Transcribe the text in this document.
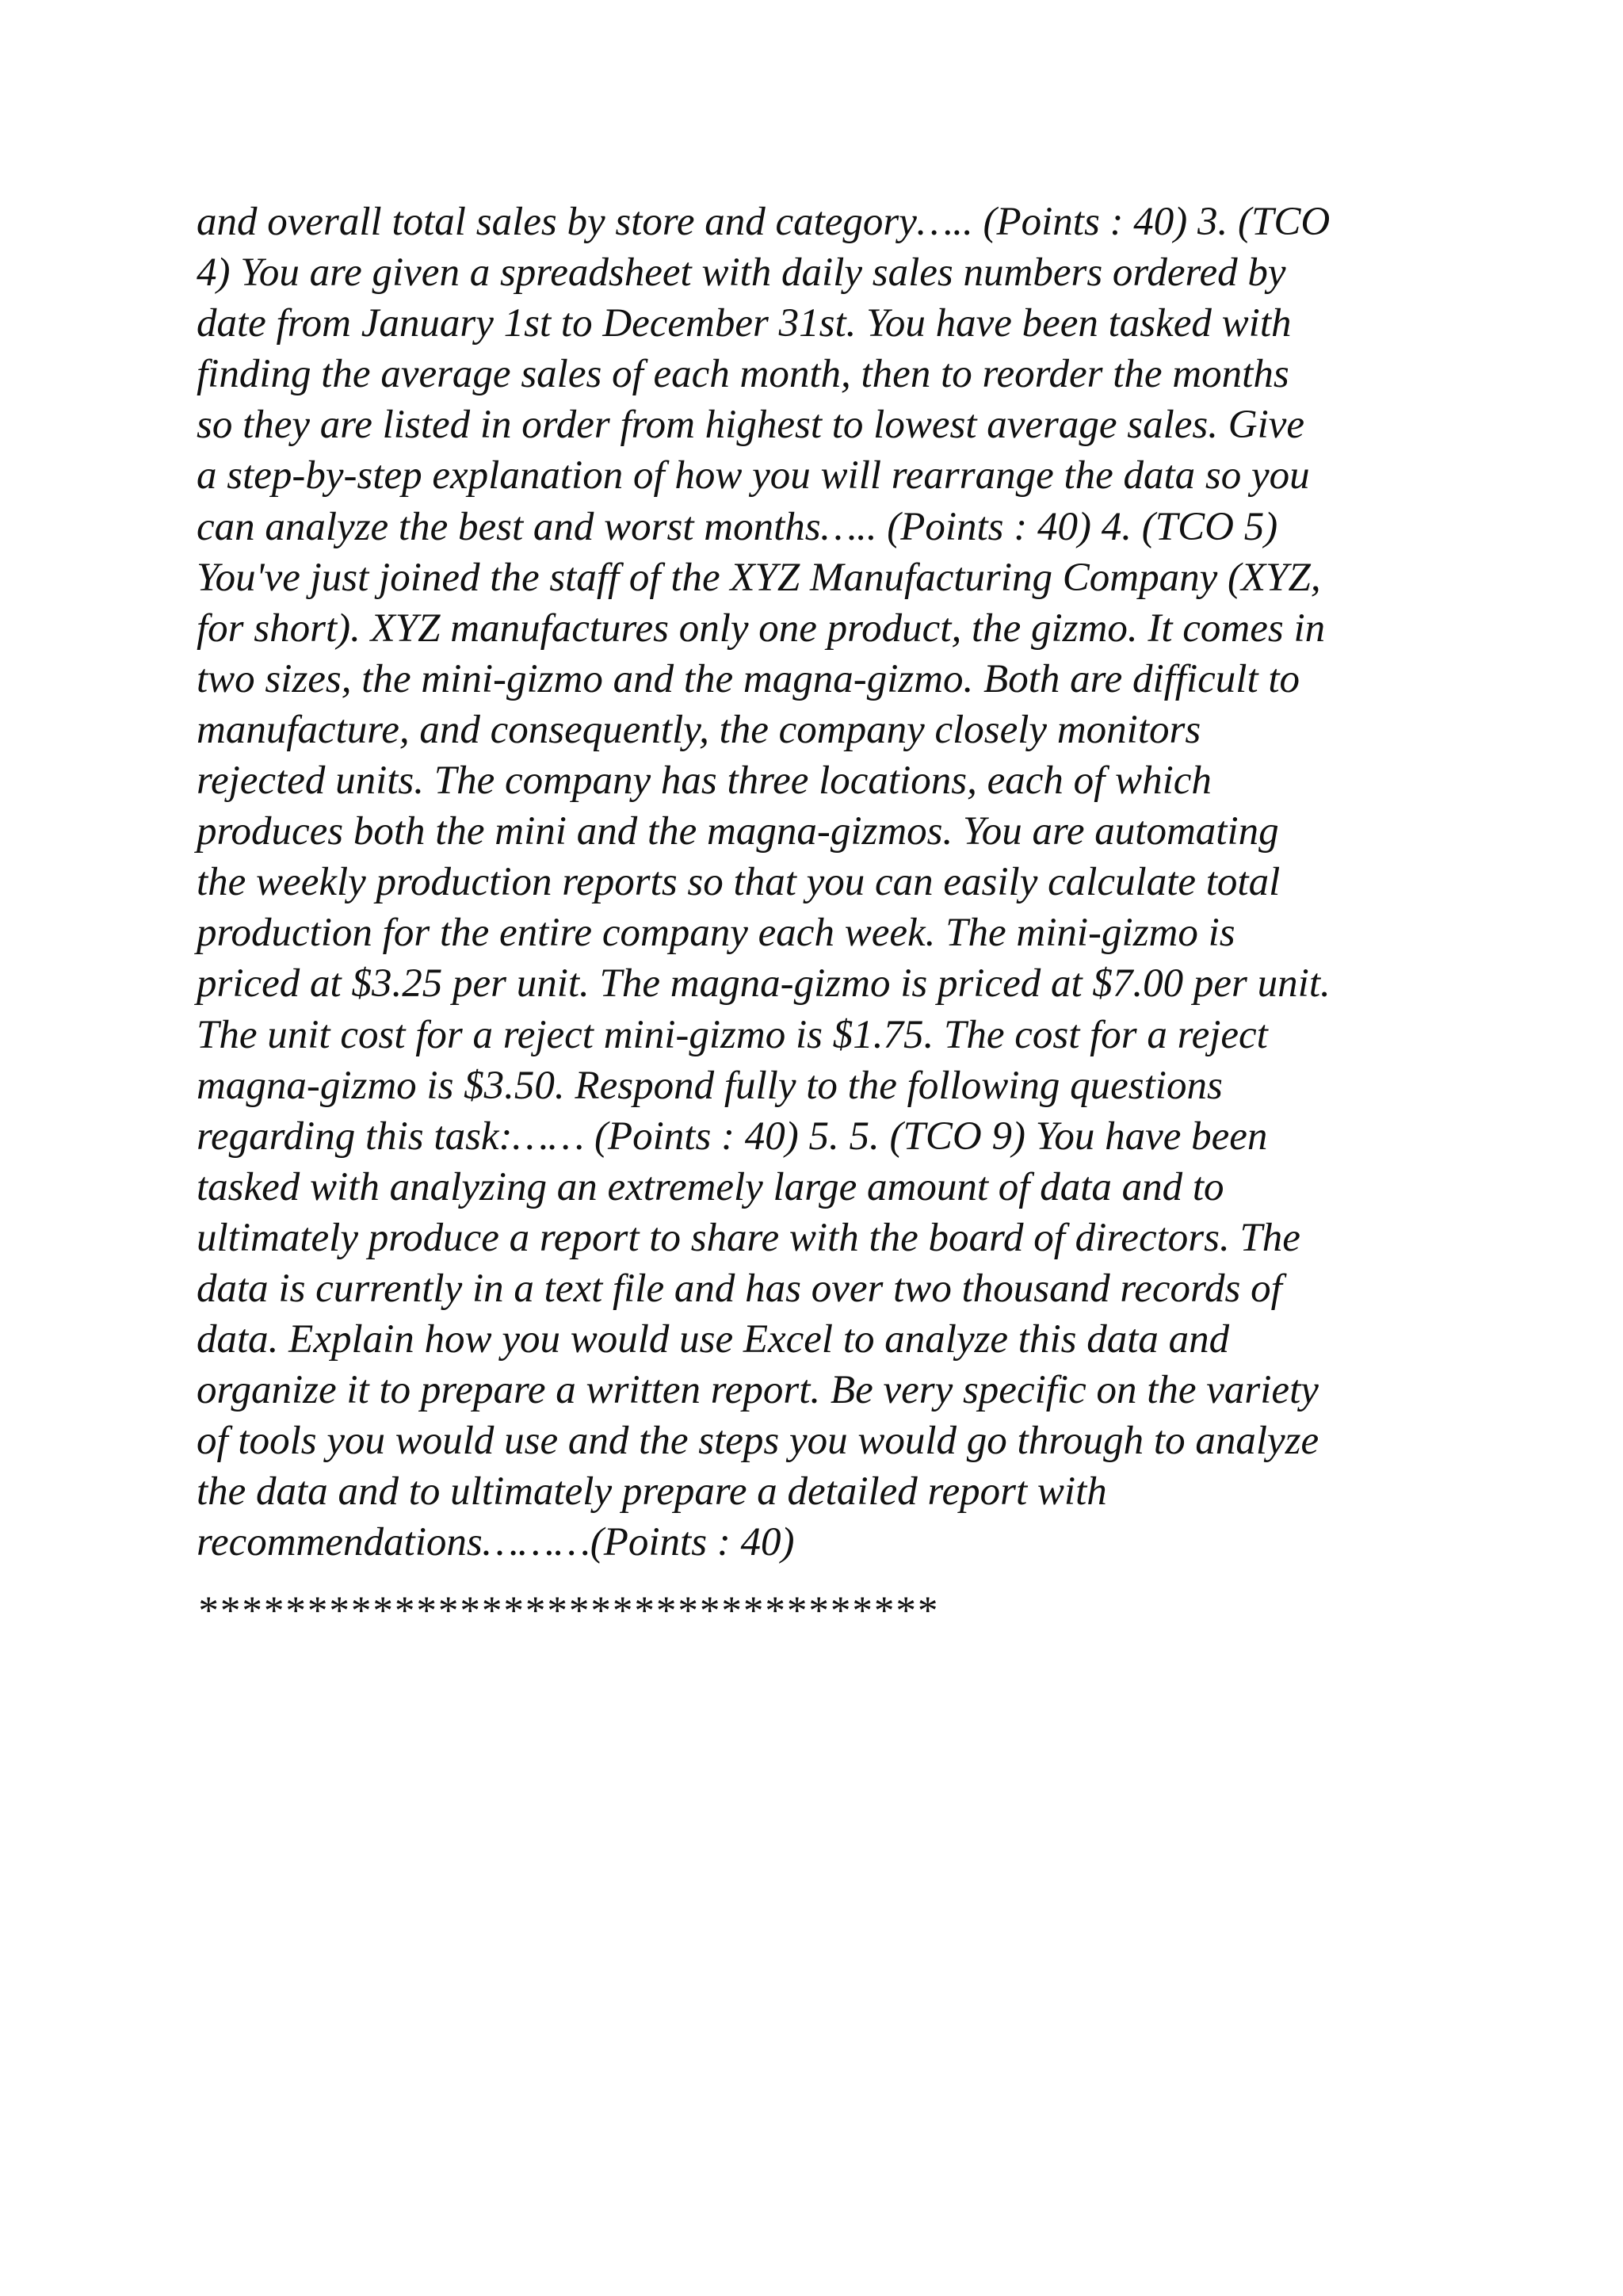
and overall total sales by store and category….. (Points : 40) 3. (TCO
4) You are given a spreadsheet with daily sales numbers ordered by
date from January 1st to December 31st. You have been tasked with
finding the average sales of each month, then to reorder the months
so they are listed in order from highest to lowest average sales. Give
a step-by-step explanation of how you will rearrange the data so you
can analyze the best and worst months….. (Points : 40) 4. (TCO 5)
You've just joined the staff of the XYZ Manufacturing Company (XYZ,
for short). XYZ manufactures only one product, the gizmo. It comes in
two sizes, the mini-gizmo and the magna-gizmo. Both are difficult to
manufacture, and consequently, the company closely monitors
rejected units. The company has three locations, each of which
produces both the mini and the magna-gizmos. You are automating
the weekly production reports so that you can easily calculate total
production for the entire company each week. The mini-gizmo is
priced at $3.25 per unit. The magna-gizmo is priced at $7.00 per unit.
The unit cost for a reject mini-gizmo is $1.75. The cost for a reject
magna-gizmo is $3.50. Respond fully to the following questions
regarding this task:…… (Points : 40) 5. 5. (TCO 9) You have been
tasked with analyzing an extremely large amount of data and to
ultimately produce a report to share with the board of directors. The
data is currently in a text file and has over two thousand records of
data. Explain how you would use Excel to analyze this data and
organize it to prepare a written report. Be very specific on the variety
of tools you would use and the steps you would go through to analyze
the data and to ultimately prepare a detailed report with
recommendations………(Points : 40)
**********************************
